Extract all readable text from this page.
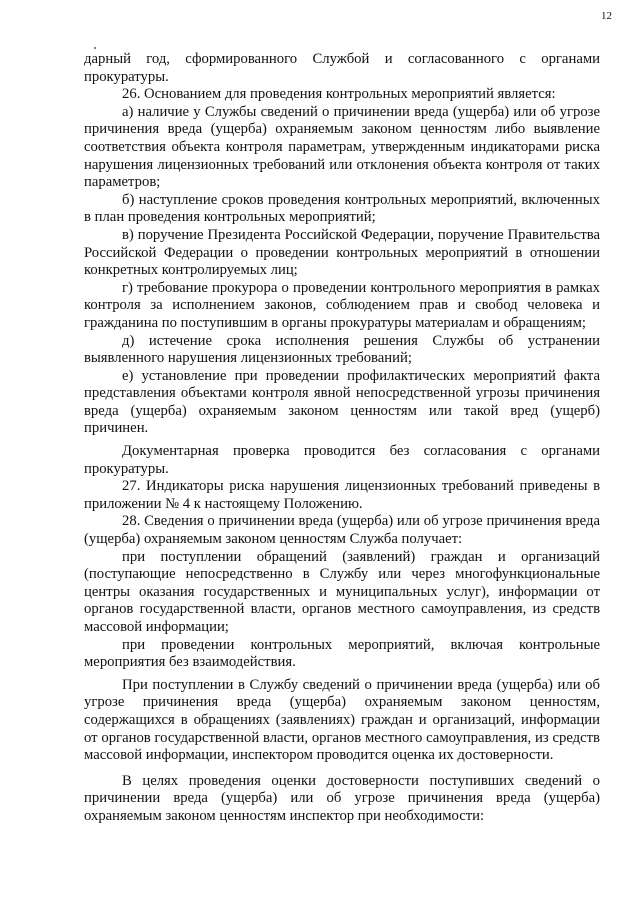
12

дарный год, сформированного Службой и согласованного с органами прокуратуры.

26. Основанием для проведения контрольных мероприятий является:

а) наличие у Службы сведений о причинении вреда (ущерба) или об угрозе причинения вреда (ущерба) охраняемым законом ценностям либо выявление соответствия объекта контроля параметрам, утвержденным индикаторами риска нарушения лицензионных требований или отклонения объекта контроля от таких параметров;

б) наступление сроков проведения контрольных мероприятий, включенных в план проведения контрольных мероприятий;

в) поручение Президента Российской Федерации, поручение Правительства Российской Федерации о проведении контрольных мероприятий в отношении конкретных контролируемых лиц;

г) требование прокурора о проведении контрольного мероприятия в рамках контроля за исполнением законов, соблюдением прав и свобод человека и гражданина по поступившим в органы прокуратуры материалам и обращениям;

д) истечение срока исполнения решения Службы об устранении выявленного нарушения лицензионных требований;

е) установление при проведении профилактических мероприятий факта представления объектами контроля явной непосредственной угрозы причинения вреда (ущерба) охраняемым законом ценностям или такой вред (ущерб) причинен.

Документарная проверка проводится без согласования с органами прокуратуры.

27. Индикаторы риска нарушения лицензионных требований приведены в приложении № 4 к настоящему Положению.

28. Сведения о причинении вреда (ущерба) или об угрозе причинения вреда (ущерба) охраняемым законом ценностям Служба получает:

при поступлении обращений (заявлений) граждан и организаций (поступающие непосредственно в Службу или через многофункциональные центры оказания государственных и муниципальных услуг), информации от органов государственной власти, органов местного самоуправления, из средств массовой информации;

при проведении контрольных мероприятий, включая контрольные мероприятия без взаимодействия.

При поступлении в Службу сведений о причинении вреда (ущерба) или об угрозе причинения вреда (ущерба) охраняемым законом ценностям, содержащихся в обращениях (заявлениях) граждан и организаций, информации от органов государственной власти, органов местного самоуправления, из средств массовой информации, инспектором проводится оценка их достоверности.

В целях проведения оценки достоверности поступивших сведений о причинении вреда (ущерба) или об угрозе причинения вреда (ущерба) охраняемым законом ценностям инспектор при необходимости:
